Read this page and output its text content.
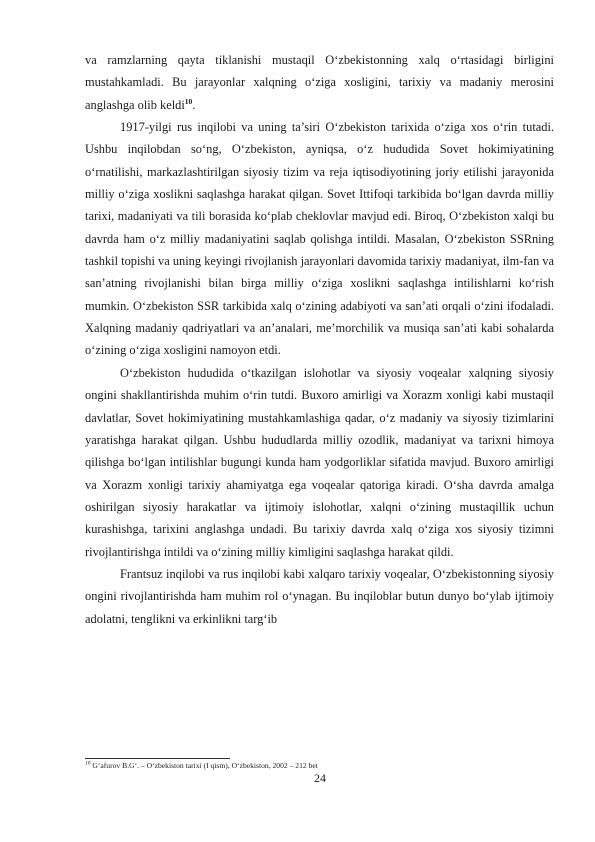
va ramzlarning qayta tiklanishi mustaqil O‘zbekistonning xalq o‘rtasidagi birligini mustahkamladi. Bu jarayonlar xalqning o‘ziga xosligini, tarixiy va madaniy merosini anglashga olib keldi$^{10}$.

1917-yilgi rus inqilobi va uning ta’siri O‘zbekiston tarixida o‘ziga xos o‘rin tutadi. Ushbu inqilobdan so‘ng, O‘zbekiston, ayniqsa, o‘z hududida Sovet hokimiyatining o‘rnatilishi, markazlashtirilgan siyosiy tizim va reja iqtisodiyotining joriy etilishi jarayonida milliy o‘ziga xoslikni saqlashga harakat qilgan. Sovet Ittifoqi tarkibida bo‘lgan davrda milliy tarixi, madaniyati va tili borasida ko‘plab cheklovlar mavjud edi. Biroq, O‘zbekiston xalqi bu davrda ham o‘z milliy madaniyatini saqlab qolishga intildi. Masalan, O‘zbekiston SSRning tashkil topishi va uning keyingi rivojlanish jarayonlari davomida tarixiy madaniyat, ilm-fan va san’atning rivojlanishi bilan birga milliy o‘ziga xoslikni saqlashga intilishlarni ko‘rish mumkin. O‘zbekiston SSR tarkibida xalq o‘zining adabiyoti va san’ati orqali o‘zini ifodaladi. Xalqning madaniy qadriyatlari va an’analari, me’morchilik va musiqa san’ati kabi sohalarda o‘zining o‘ziga xosligini namoyon etdi.

O‘zbekiston hududida o‘tkazilgan islohotlar va siyosiy voqealar xalqning siyosiy ongini shakllantirishda muhim o‘rin tutdi. Buxoro amirligi va Xorazm xonligi kabi mustaqil davlatlar, Sovet hokimiyatining mustahkamlashiga qadar, o‘z madaniy va siyosiy tizimlarini yaratishga harakat qilgan. Ushbu hududlarda milliy ozodlik, madaniyat va tarixni himoya qilishga bo‘lgan intilishlar bugungi kunda ham yodgorliklar sifatida mavjud. Buxoro amirligi va Xorazm xonligi tarixiy ahamiyatga ega voqealar qatoriga kiradi. O‘sha davrda amalga oshirilgan siyosiy harakatlar va ijtimoiy islohotlar, xalqni o‘zining mustaqillik uchun kurashishga, tarixini anglashga undadi. Bu tarixiy davrda xalq o‘ziga xos siyosiy tizimni rivojlantirishga intildi va o‘zining milliy kimligini saqlashga harakat qildi.

Frantsuz inqilobi va rus inqilobi kabi xalqaro tarixiy voqealar, O‘zbekistonning siyosiy ongini rivojlantirishda ham muhim rol o‘ynagan. Bu inqiloblar butun dunyo bo‘ylab ijtimoiy adolatni, tenglikni va erkinlikni targ‘ib

$^{10}$ G‘afurov B.G‘. – O‘zbekiston tarixi (I qism), O‘zbekiston, 2002 – 212 bet
24
